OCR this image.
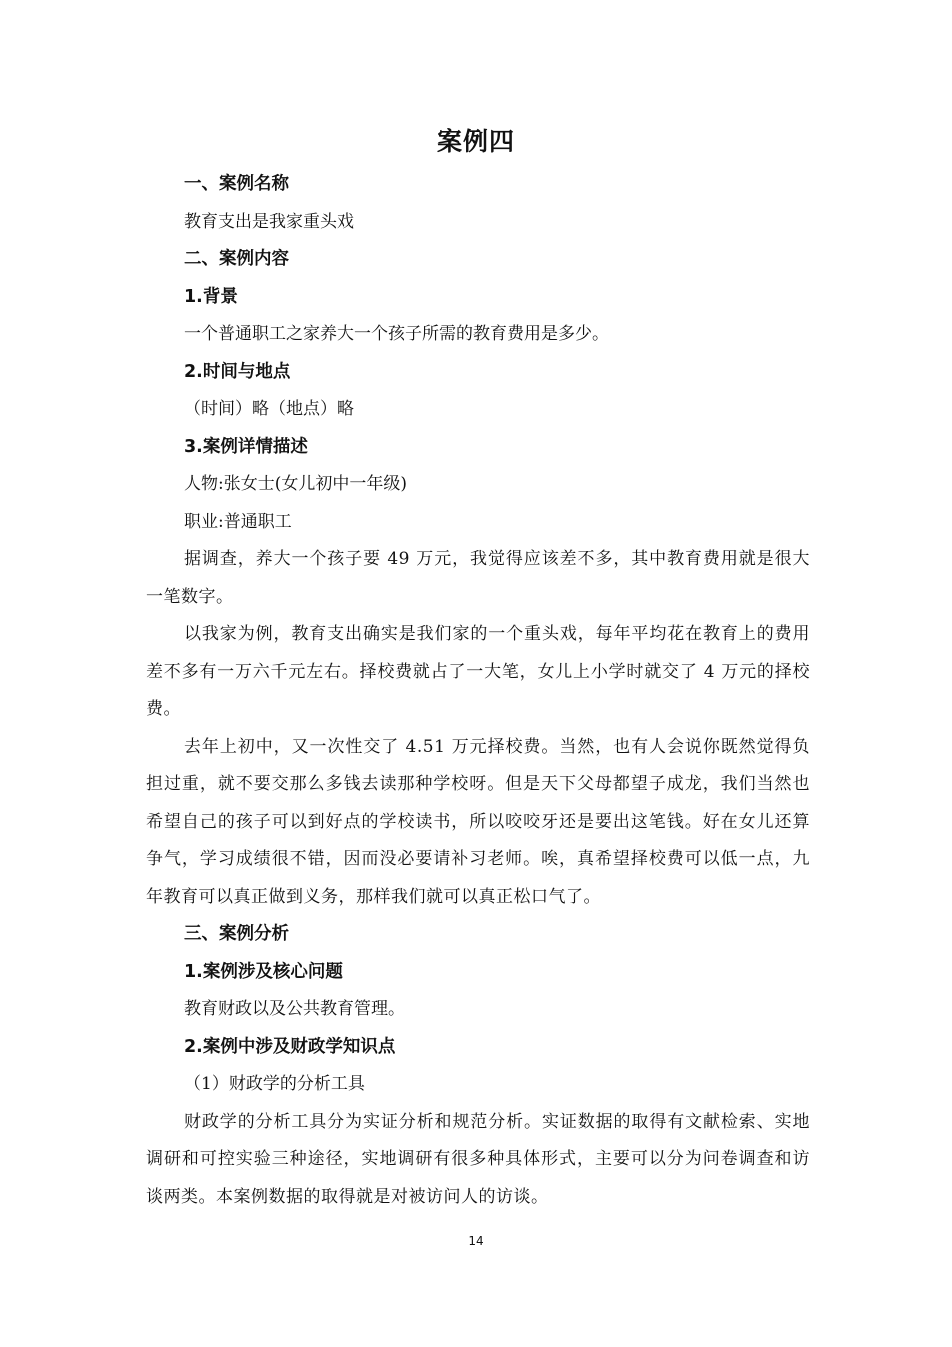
案例四

一、案例名称

教育支出是我家重头戏

二、案例内容

1.背景

一个普通职工之家养大一个孩子所需的教育费用是多少。

2.时间与地点

（时间）略（地点）略

3.案例详情描述

人物:张女士(女儿初中一年级)

职业:普通职工

据调查，养大一个孩子要 49 万元，我觉得应该差不多，其中教育费用就是很大一笔数字。

以我家为例，教育支出确实是我们家的一个重头戏，每年平均花在教育上的费用差不多有一万六千元左右。择校费就占了一大笔，女儿上小学时就交了 4 万元的择校费。

去年上初中，又一次性交了 4.51 万元择校费。当然，也有人会说你既然觉得负担过重，就不要交那么多钱去读那种学校呀。但是天下父母都望子成龙，我们当然也希望自己的孩子可以到好点的学校读书，所以咬咬牙还是要出这笔钱。好在女儿还算争气，学习成绩很不错，因而没必要请补习老师。唉，真希望择校费可以低一点，九年教育可以真正做到义务，那样我们就可以真正松口气了。

三、案例分析

1.案例涉及核心问题

教育财政以及公共教育管理。

2.案例中涉及财政学知识点

（1）财政学的分析工具

财政学的分析工具分为实证分析和规范分析。实证数据的取得有文献检索、实地调研和可控实验三种途径，实地调研有很多种具体形式，主要可以分为问卷调查和访谈两类。本案例数据的取得就是对被访问人的访谈。

14
